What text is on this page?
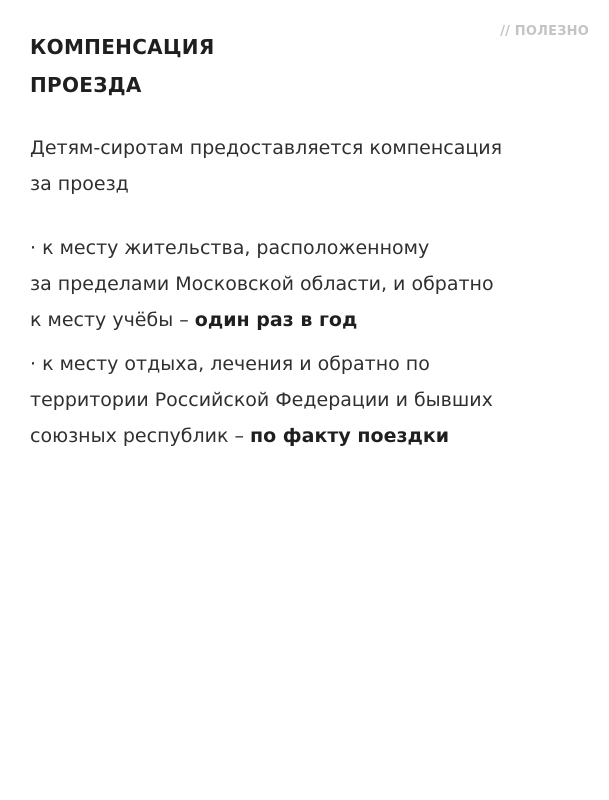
// ПОЛЕЗНО
КОМПЕНСАЦИЯ
ПРОЕЗДА

Детям-сиротам предоставляется компенсация
за проезд

· к месту жительства, расположенному
за пределами Московской области, и обратно
к месту учёбы – один раз в год

· к месту отдыха, лечения и обратно по
территории Российской Федерации и бывших
союзных республик – по факту поездки
